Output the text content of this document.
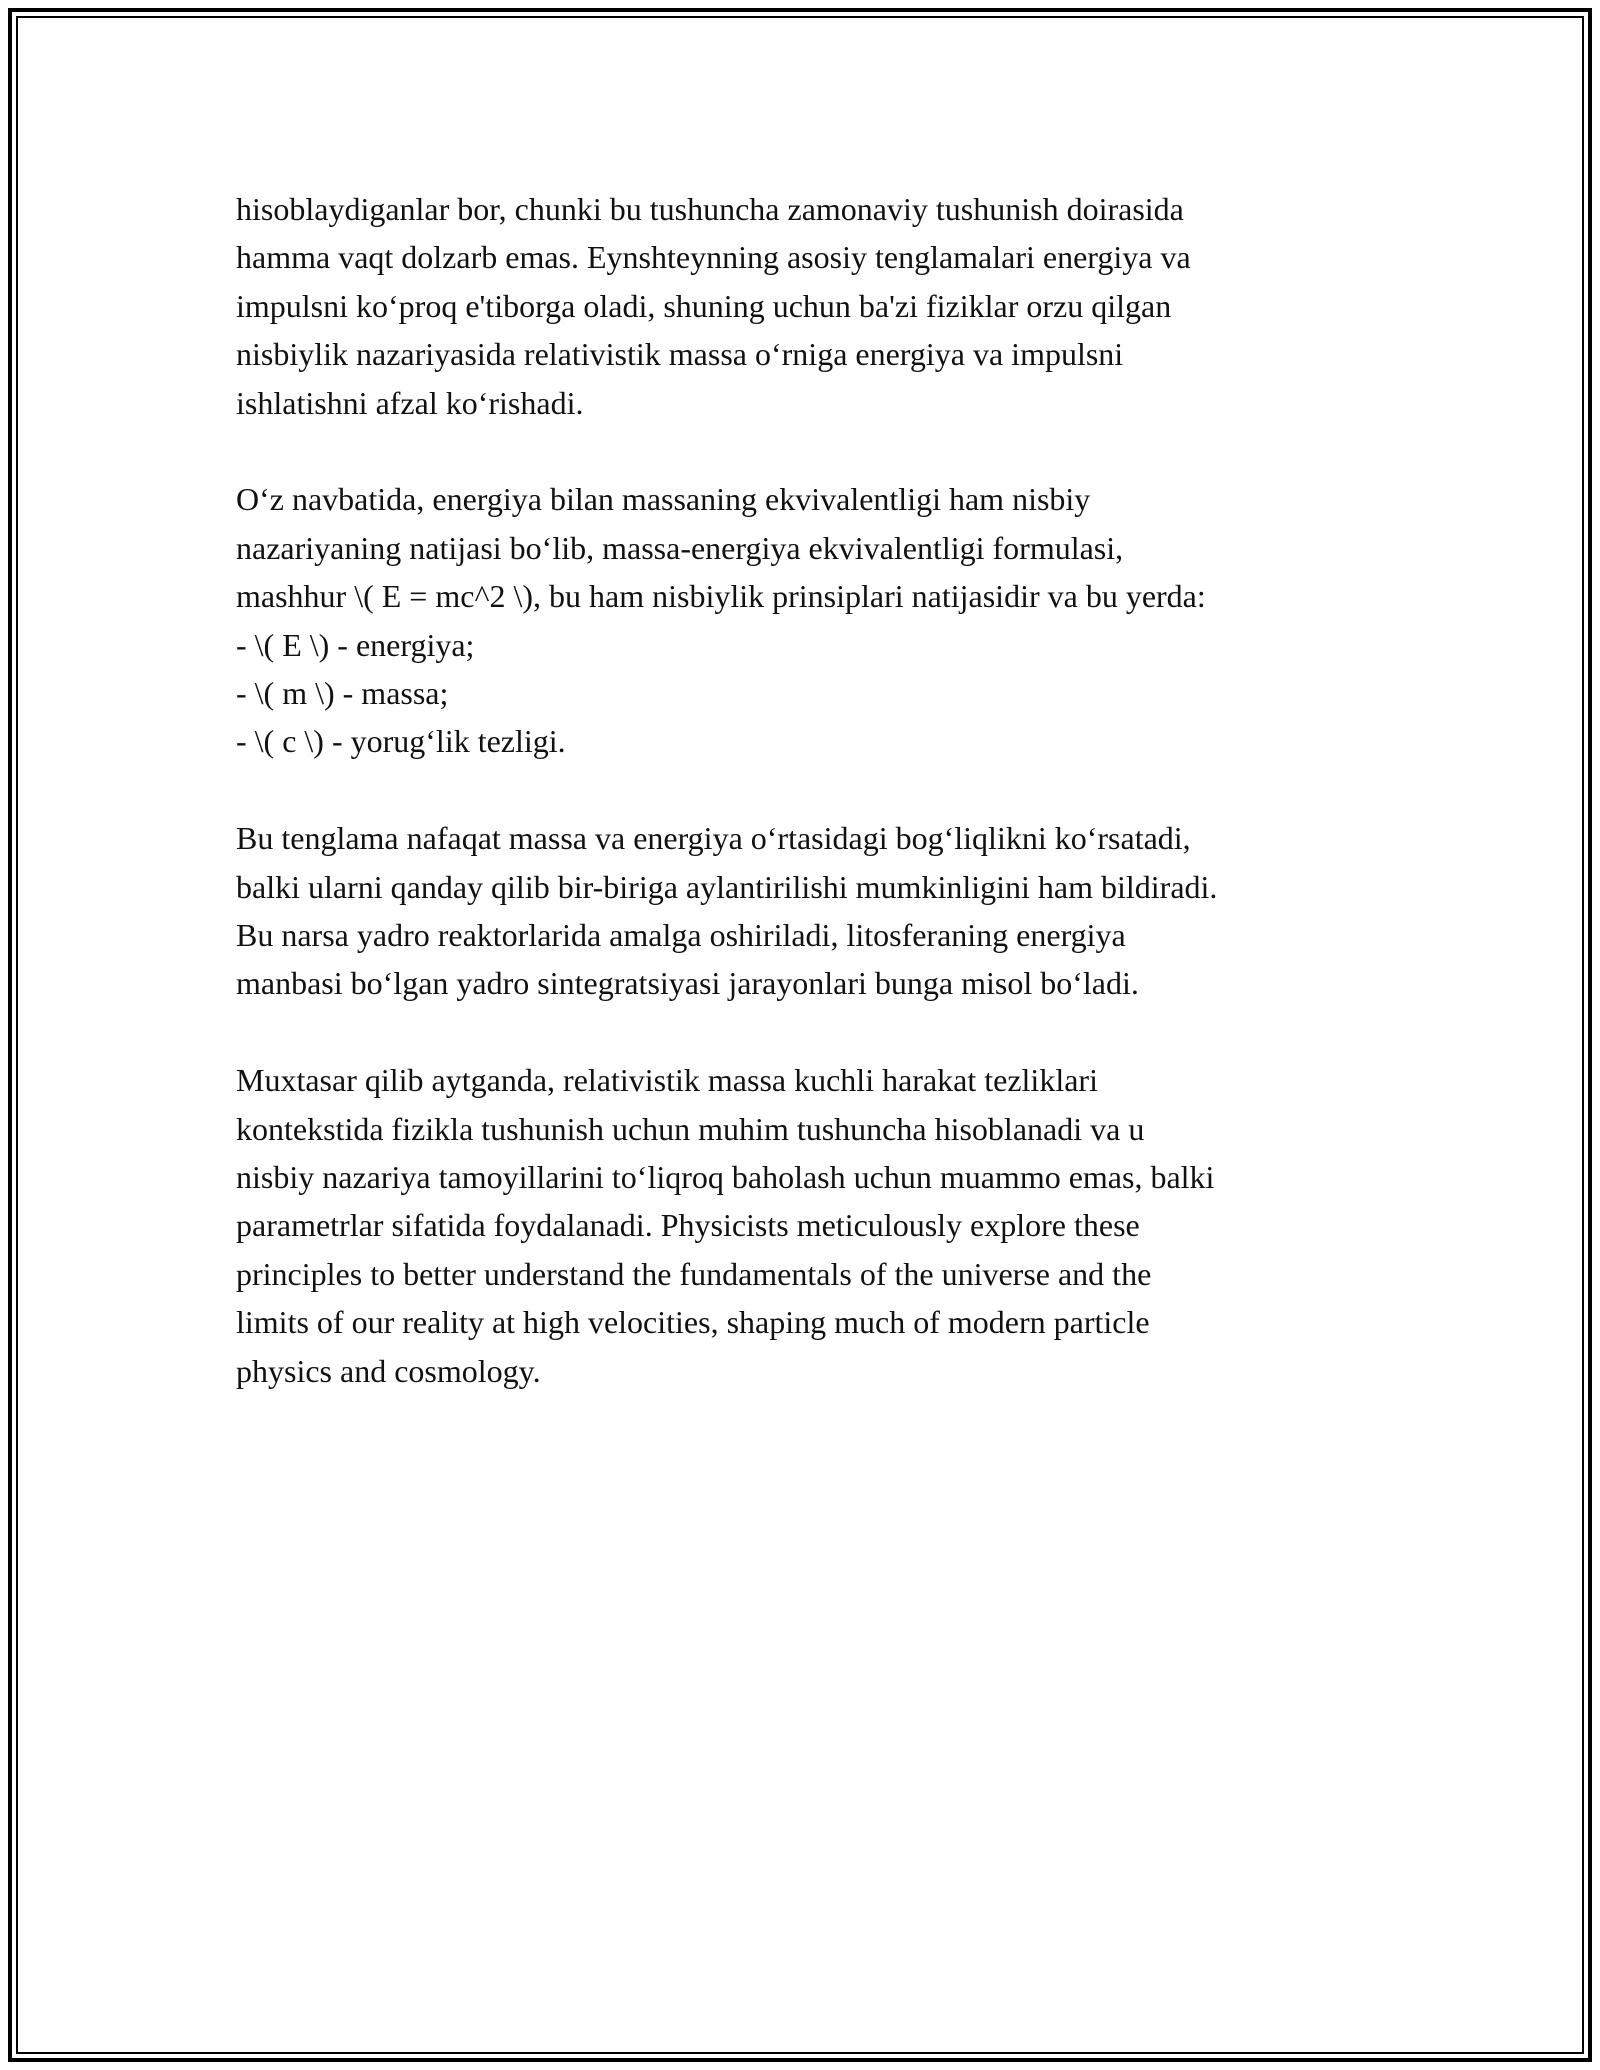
hisoblaydiganlar bor, chunki bu tushuncha zamonaviy tushunish doirasida
hamma vaqt dolzarb emas. Eynshteynning asosiy tenglamalari energiya va
impulsni ko‘proq e'tiborga oladi, shuning uchun ba'zi fiziklar orzu qilgan
nisbiylik nazariyasida relativistik massa o‘rniga energiya va impulsni
ishlatishni afzal ko‘rishadi.

O‘z navbatida, energiya bilan massaning ekvivalentligi ham nisbiy
nazariyaning natijasi bo‘lib, massa-energiya ekvivalentligi formulasi,
mashhur \( E = mc^2 \), bu ham nisbiylik prinsiplari natijasidir va bu yerda:
- \( E \) - energiya;
- \( m \) - massa;
- \( c \) - yorug‘lik tezligi.

Bu tenglama nafaqat massa va energiya o‘rtasidagi bog‘liqlikni ko‘rsatadi,
balki ularni qanday qilib bir-biriga aylantirilishi mumkinligini ham bildiradi.
Bu narsa yadro reaktorlarida amalga oshiriladi, litosferaning energiya
manbasi bo‘lgan yadro sintegratsiyasi jarayonlari bunga misol bo‘ladi.

Muxtasar qilib aytganda, relativistik massa kuchli harakat tezliklari
kontekstida fizikla tushunish uchun muhim tushuncha hisoblanadi va u
nisbiy nazariya tamoyillarini to‘liqroq baholash uchun muammo emas, balki
parametrlar sifatida foydalanadi. Physicists meticulously explore these
principles to better understand the fundamentals of the universe and the
limits of our reality at high velocities, shaping much of modern particle
physics and cosmology.
